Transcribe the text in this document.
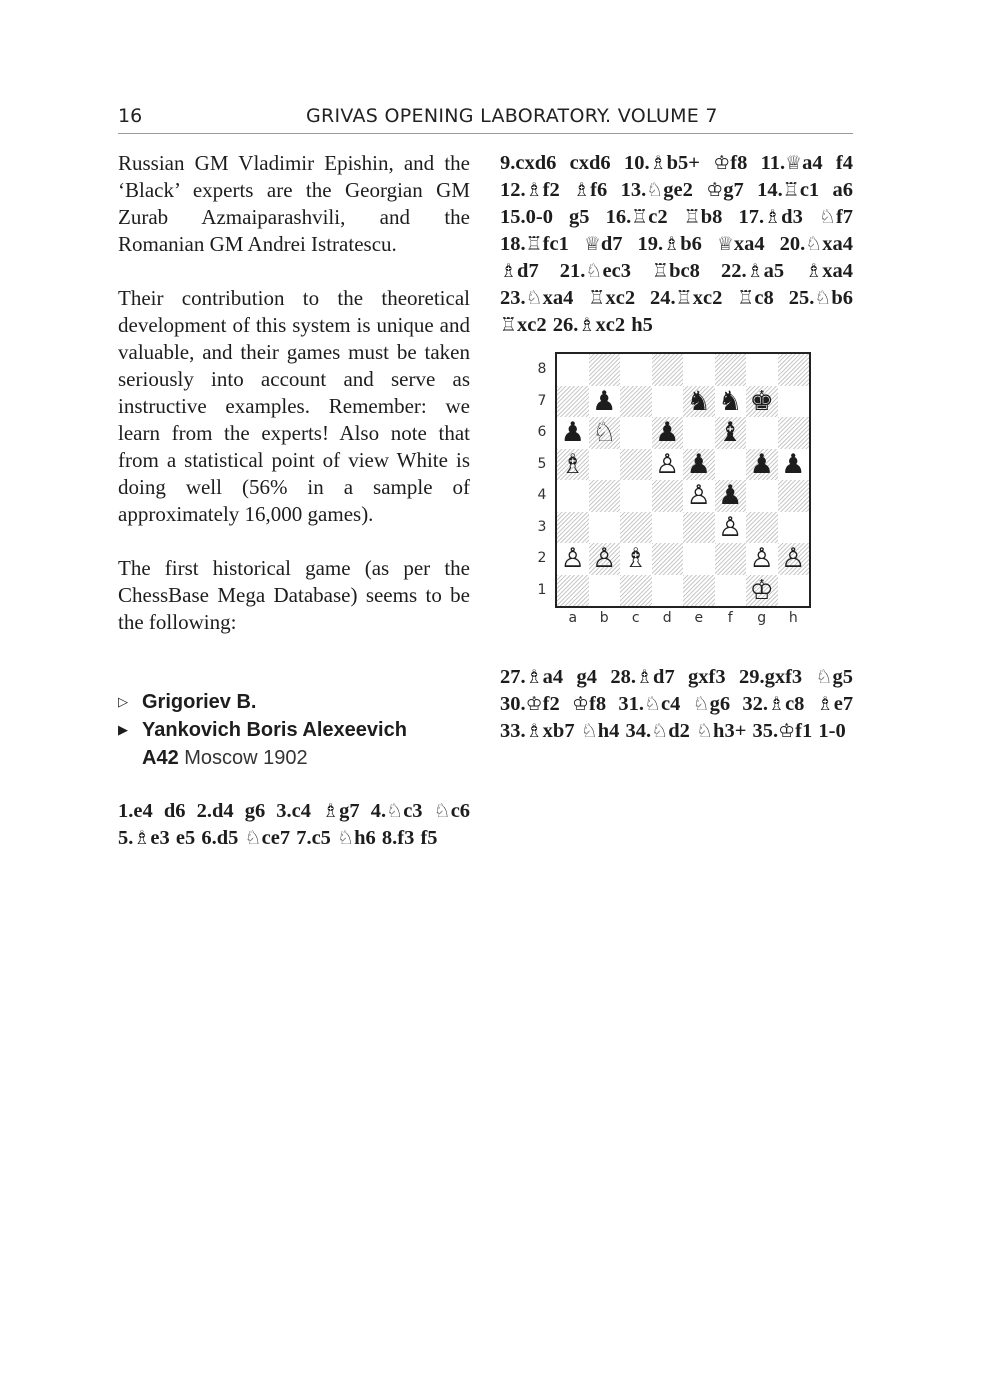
16	GRIVAS OPENING LABORATORY. VOLUME 7

Russian GM Vladimir Epishin, and the ‘Black’ experts are the Georgian GM Zurab Azmaiparashvili, and the Romanian GM Andrei Istratescu.

Their contribution to the theoretical development of this system is unique and valuable, and their games must be taken seriously into account and serve as instructive examples. Remember: we learn from the experts! Also note that from a statistical point of view White is doing well (56% in a sample of approximately 16,000 games).

The first historical game (as per the ChessBase Mega Database) seems to be the following:

▷ Grigoriev B.
▶ Yankovich Boris Alexeevich
A42 Moscow 1902

1.e4 d6 2.d4 g6 3.c4 ♗g7 4.♘c3 ♘c6 5.♗e3 e5 6.d5 ♘ce7 7.c5 ♘h6 8.f3 f5

9.cxd6 cxd6 10.♗b5+ ♔f8 11.♕a4 f4 12.♗f2 ♗f6 13.♘ge2 ♔g7 14.♖c1 a6 15.0-0 g5 16.♖c2 ♖b8 17.♗d3 ♘f7 18.♖fc1 ♕d7 19.♗b6 ♕xa4 20.♘xa4 ♗d7 21.♘ec3 ♖bc8 22.♗a5 ♗xa4 23.♘xa4 ♖xc2 24.♖xc2 ♖c8 25.♘b6 ♖xc2 26.♗xc2 h5

♟	♞ ♞ ♚
♟ ♘ ♟ ♝
♗	♙ ♟ ♟ ♟
♙ ♟
♙
♙ ♙ ♗	♙ ♙
♔
8
7
6
5
4
3
2
1
a	b	c	d	e	f	g	h

27.♗a4 g4 28.♗d7 gxf3 29.gxf3 ♘g5 30.♔f2 ♔f8 31.♘c4 ♘g6 32.♗c8 ♗e7 33.♗xb7 ♘h4 34.♘d2 ♘h3+ 35.♔f1 1-0
